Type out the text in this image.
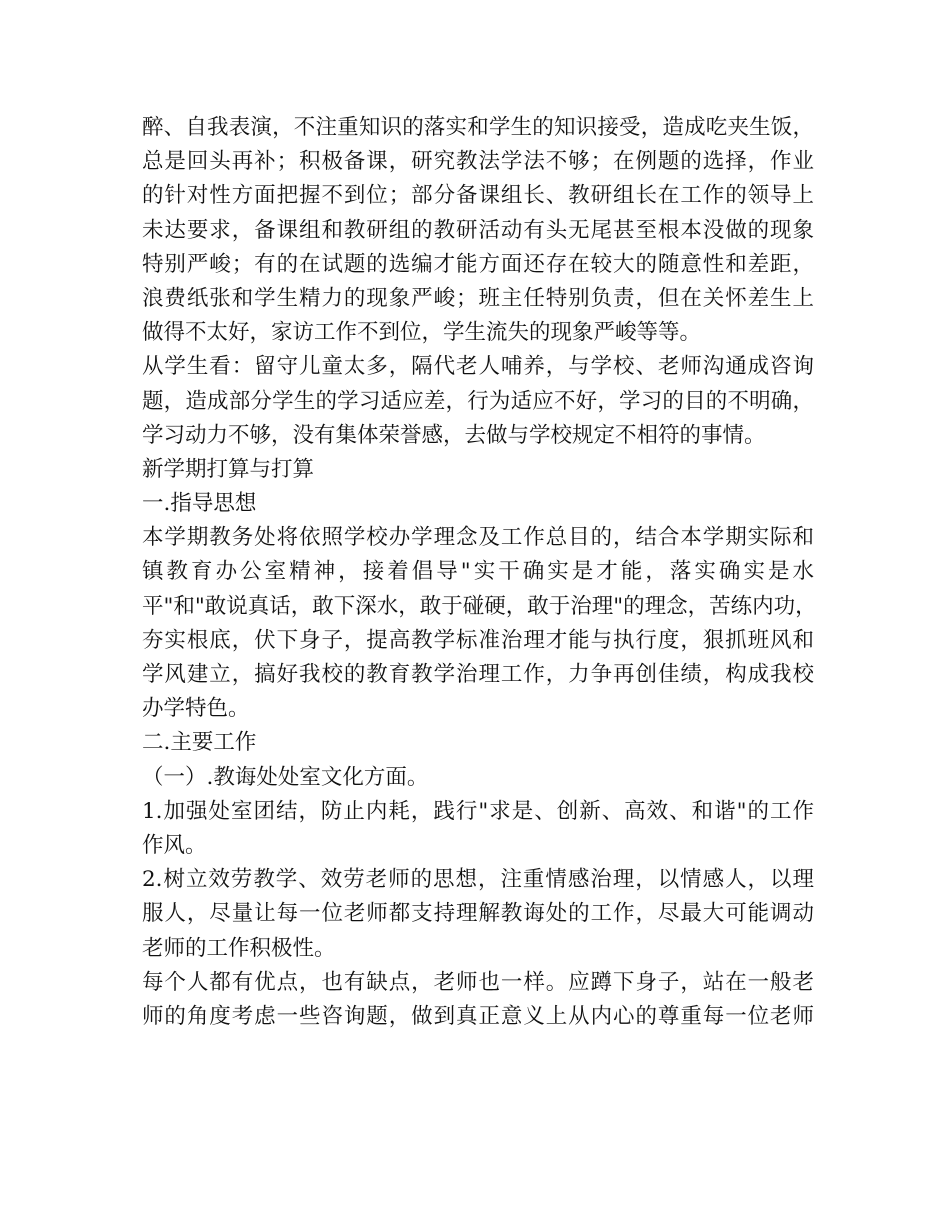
醉、自我表演，不注重知识的落实和学生的知识接受，造成吃夹生饭，
总是回头再补；积极备课，研究教法学法不够；在例题的选择，作业
的针对性方面把握不到位；部分备课组长、教研组长在工作的领导上
未达要求，备课组和教研组的教研活动有头无尾甚至根本没做的现象
特别严峻；有的在试题的选编才能方面还存在较大的随意性和差距，
浪费纸张和学生精力的现象严峻；班主任特别负责，但在关怀差生上
做得不太好，家访工作不到位，学生流失的现象严峻等等。
从学生看：留守儿童太多，隔代老人哺养，与学校、老师沟通成咨询
题，造成部分学生的学习适应差，行为适应不好，学习的目的不明确，
学习动力不够，没有集体荣誉感，去做与学校规定不相符的事情。
新学期打算与打算
一.指导思想
本学期教务处将依照学校办学理念及工作总目的，结合本学期实际和
镇教育办公室精神，接着倡导"实干确实是才能，落实确实是水
平"和"敢说真话，敢下深水，敢于碰硬，敢于治理"的理念，苦练内功，
夯实根底，伏下身子，提高教学标准治理才能与执行度，狠抓班风和
学风建立，搞好我校的教育教学治理工作，力争再创佳绩，构成我校
办学特色。
二.主要工作
（一）.教诲处处室文化方面。
1.加强处室团结，防止内耗，践行"求是、创新、高效、和谐"的工作
作风。
2.树立效劳教学、效劳老师的思想，注重情感治理，以情感人，以理
服人，尽量让每一位老师都支持理解教诲处的工作，尽最大可能调动
老师的工作积极性。
每个人都有优点，也有缺点，老师也一样。应蹲下身子，站在一般老
师的角度考虑一些咨询题，做到真正意义上从内心的尊重每一位老师
